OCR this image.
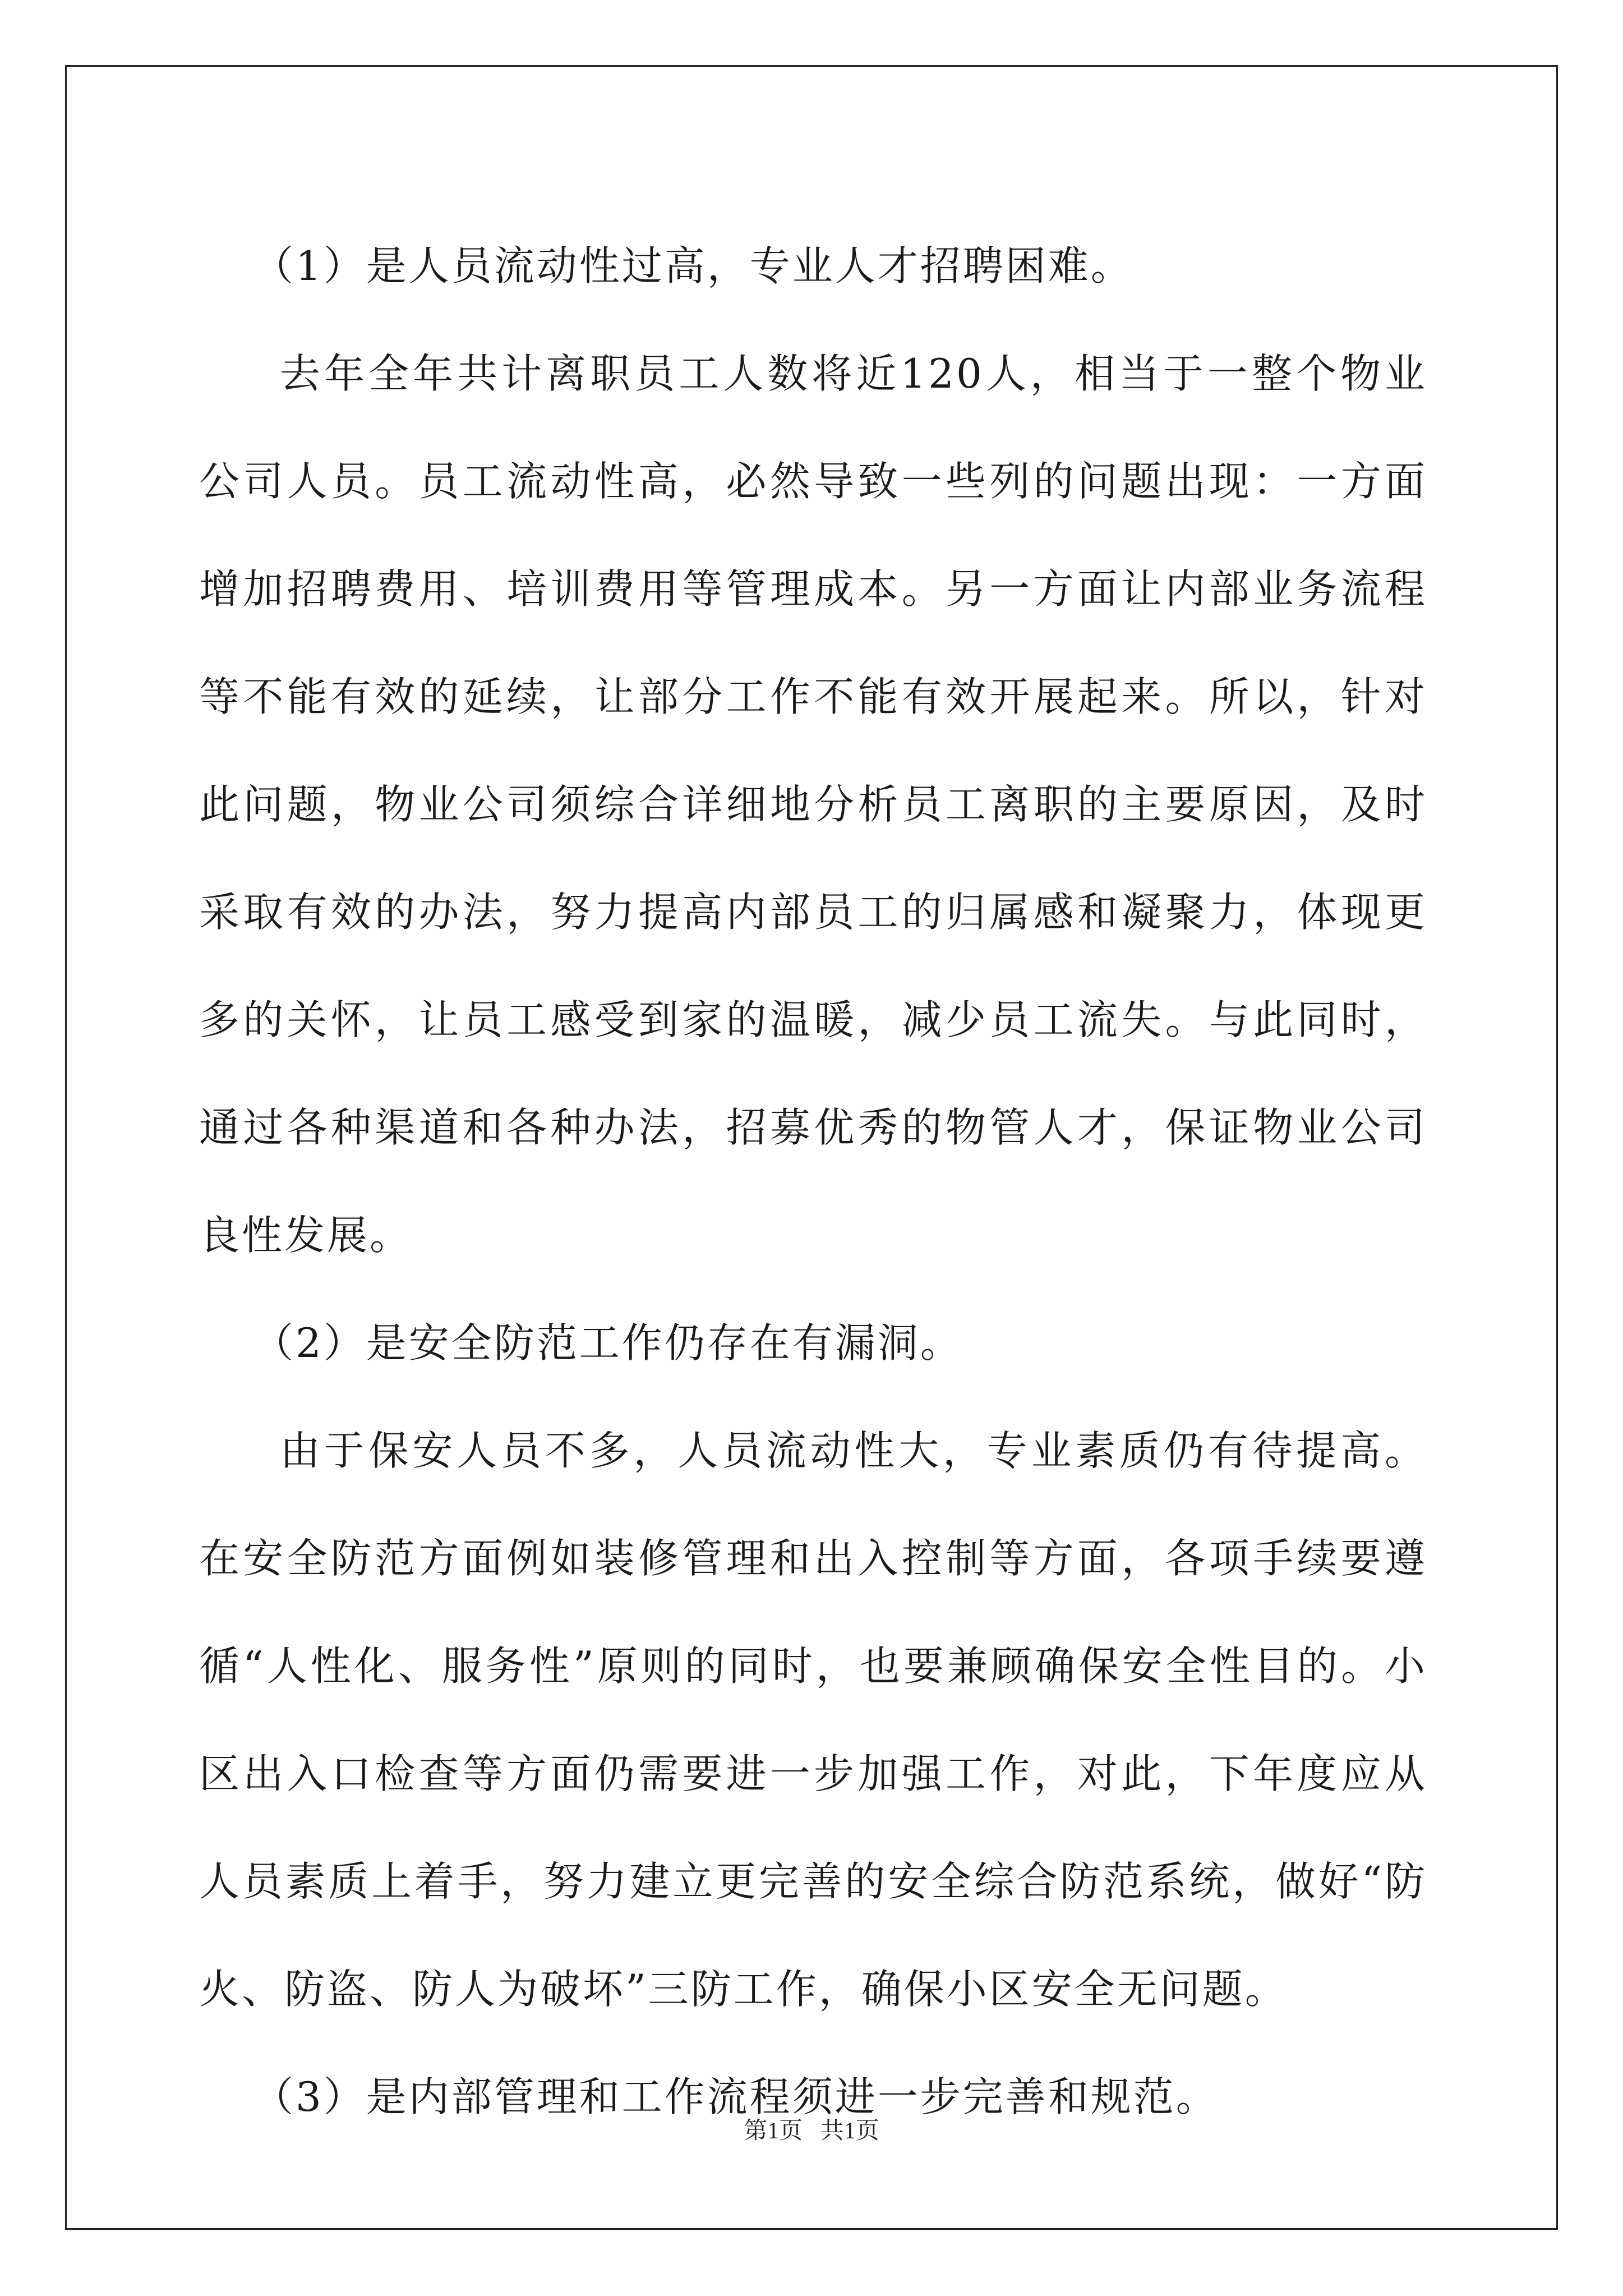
（1）是人员流动性过高，专业人才招聘困难。

去年全年共计离职员工人数将近120人，相当于一整个物业公司人员。员工流动性高，必然导致一些列的问题出现：一方面增加招聘费用、培训费用等管理成本。另一方面让内部业务流程等不能有效的延续，让部分工作不能有效开展起来。所以，针对此问题，物业公司须综合详细地分析员工离职的主要原因，及时采取有效的办法，努力提高内部员工的归属感和凝聚力，体现更多的关怀，让员工感受到家的温暖，减少员工流失。与此同时，通过各种渠道和各种办法，招募优秀的物管人才，保证物业公司良性发展。

（2）是安全防范工作仍存在有漏洞。

由于保安人员不多，人员流动性大，专业素质仍有待提高。在安全防范方面例如装修管理和出入控制等方面，各项手续要遵循“人性化、服务性”原则的同时，也要兼顾确保安全性目的。小区出入口检查等方面仍需要进一步加强工作，对此，下年度应从人员素质上着手，努力建立更完善的安全综合防范系统，做好“防火、防盗、防人为破坏”三防工作，确保小区安全无问题。

（3）是内部管理和工作流程须进一步完善和规范。

第1页   共1页
